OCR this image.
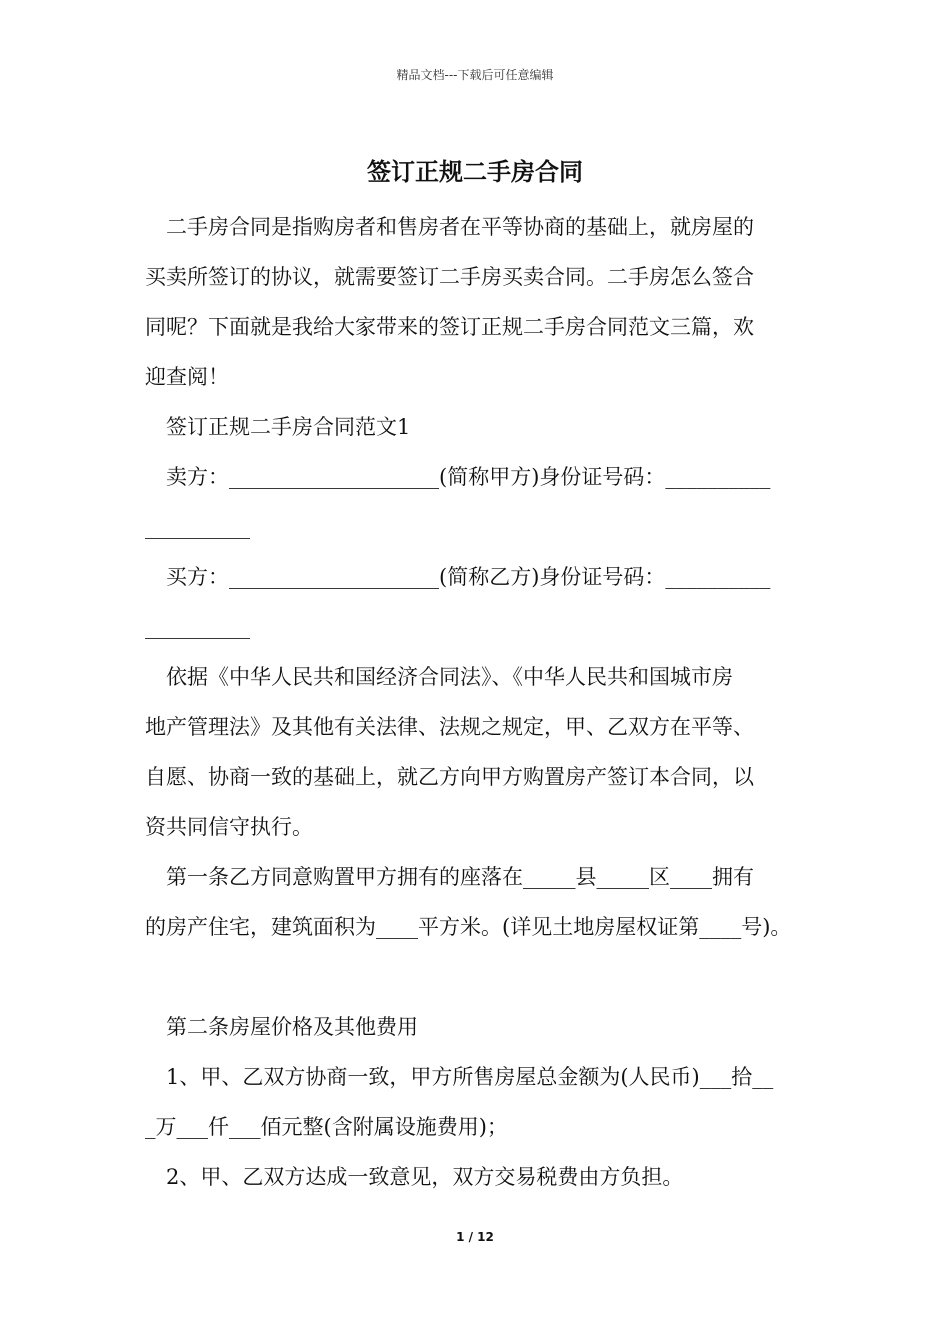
精品文档---下载后可任意编辑
签订正规二手房合同
二手房合同是指购房者和售房者在平等协商的基础上，就房屋的
买卖所签订的协议，就需要签订二手房买卖合同。二手房怎么签合
同呢？下面就是我给大家带来的签订正规二手房合同范文三篇，欢
迎查阅！
签订正规二手房合同范文1
卖方：____________________(简称甲方)身份证号码：__________
__________
买方：____________________(简称乙方)身份证号码：__________
__________
依据《中华人民共和国经济合同法》、《中华人民共和国城市房
地产管理法》及其他有关法律、法规之规定，甲、乙双方在平等、
自愿、协商一致的基础上，就乙方向甲方购置房产签订本合同，以
资共同信守执行。
第一条乙方同意购置甲方拥有的座落在_____县_____区____拥有
的房产住宅，建筑面积为____平方米。(详见土地房屋权证第____号)。
第二条房屋价格及其他费用
1、甲、乙双方协商一致，甲方所售房屋总金额为(人民币)___拾__
_万___仟___佰元整(含附属设施费用)；
2、甲、乙双方达成一致意见，双方交易税费由方负担。
1 / 12
